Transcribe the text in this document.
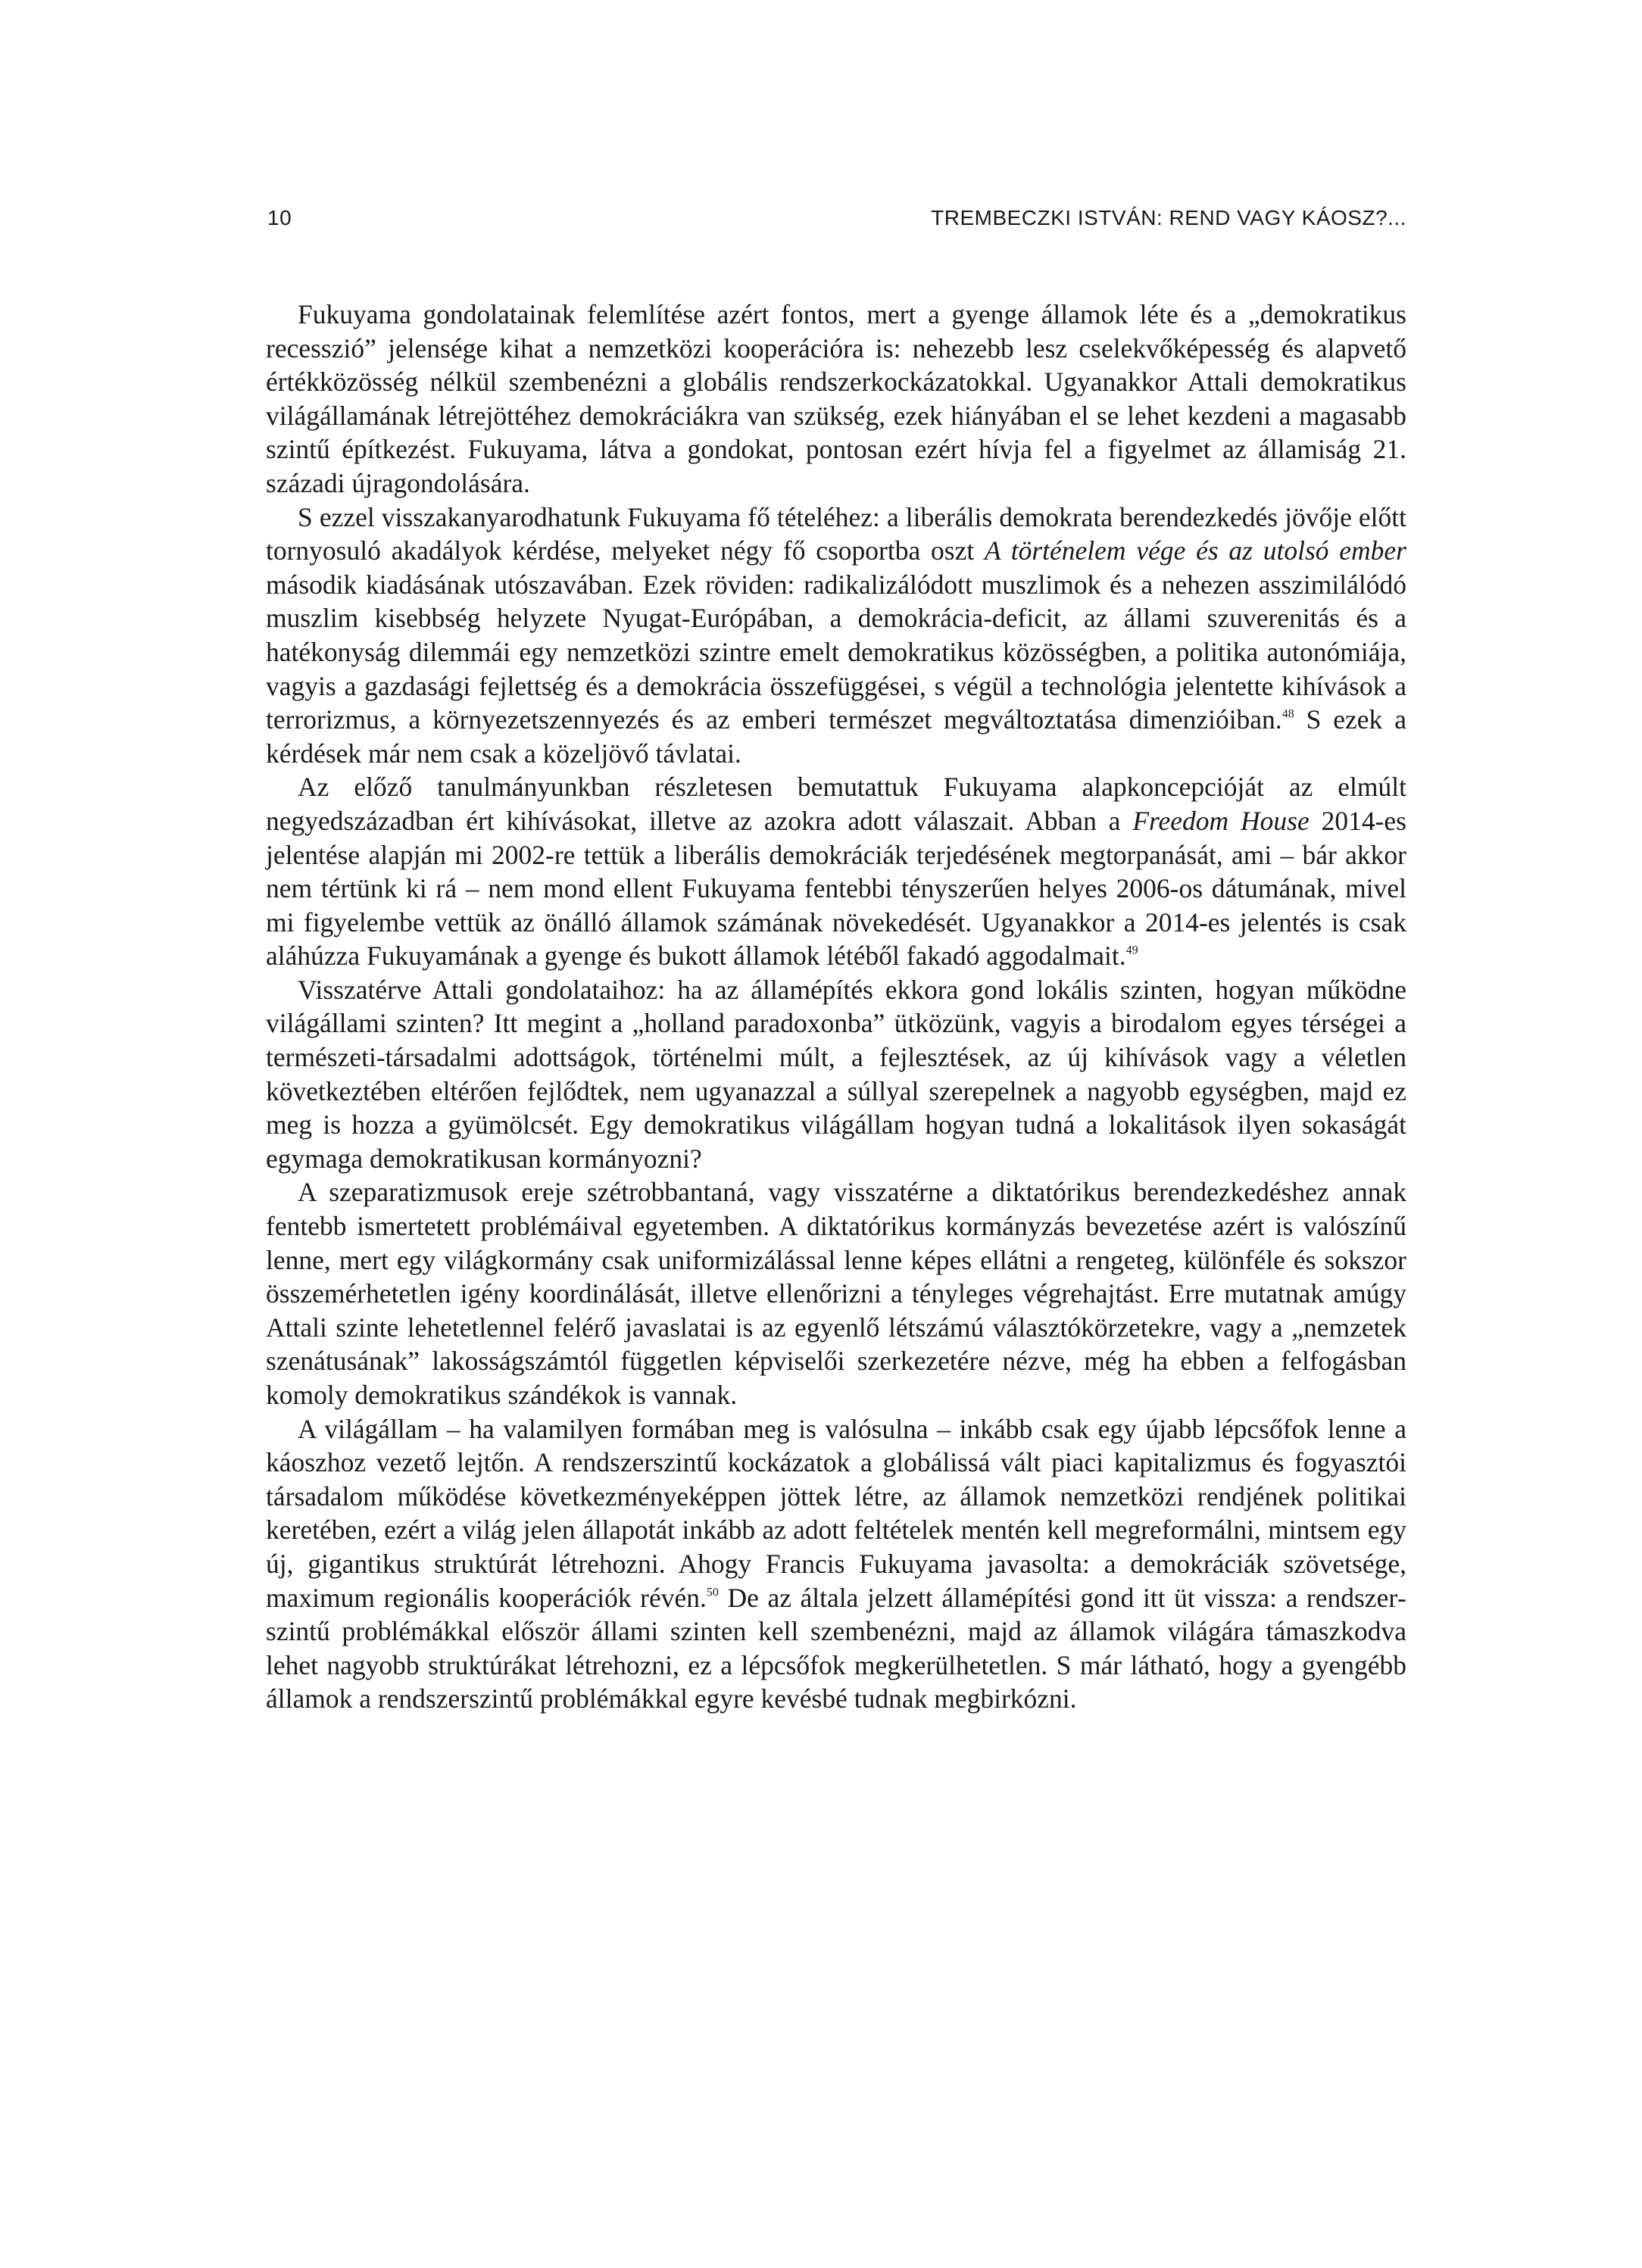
10	TREMBECZKI ISTVÁN: REND VAGY KÁOSZ?...

Fukuyama gondolatainak felemlítése azért fontos, mert a gyenge államok léte és a „demokratikus recesszió” jelensége kihat a nemzetközi kooperációra is: nehezebb lesz cselekvőképesség és alapvető értékközösség nélkül szembenézni a globális rendszerkockázatokkal. Ugyanakkor Attali demokratikus világállamának létrejöttéhez demokráciákra van szükség, ezek hiányában el se lehet kezdeni a magasabb szintű építkezést. Fukuyama, látva a gondokat, pontosan ezért hívja fel a figyelmet az államiság 21. századi újragondolására.

S ezzel visszakanyarodhatunk Fukuyama fő tételéhez: a liberális demokrata berendezkedés jövője előtt tornyosuló akadályok kérdése, melyeket négy fő csoportba oszt A történelem vége és az utolsó ember második kiadásának utószavában. Ezek röviden: radikalizálódott muszlimok és a nehezen asszimilálódó muszlim kisebbség helyzete Nyugat-Európában, a demokrácia-deficit, az állami szuverenitás és a hatékonyság dilemmái egy nemzetközi szintre emelt demokratikus közösségben, a politika autonómiája, vagyis a gazdasági fejlettség és a demokrácia összefüggései, s végül a technológia jelentette kihívások a terrorizmus, a környezetszennyezés és az emberi természet megváltoztatása dimenzióiban.$^{48}$ S ezek a kérdések már nem csak a közeljövő távlatai.

Az előző tanulmányunkban részletesen bemutattuk Fukuyama alapkoncepcióját az elmúlt negyedszázadban ért kihívásokat, illetve az azokra adott válaszait. Abban a Freedom House 2014-es jelentése alapján mi 2002-re tettük a liberális demokráciák terjedésének megtorpanását, ami – bár akkor nem tértünk ki rá – nem mond ellent Fukuyama fentebbi tényszerűen helyes 2006-os dátumának, mivel mi figyelembe vettük az önálló államok számának növekedését. Ugyanakkor a 2014-es jelentés is csak aláhúzza Fukuyamának a gyenge és bukott államok létéből fakadó aggodalmait.$^{49}$

Visszatérve Attali gondolataihoz: ha az államépítés ekkora gond lokális szinten, hogyan működne világállami szinten? Itt megint a „holland paradoxonba” ütközünk, vagyis a birodalom egyes térségei a természeti-társadalmi adottságok, történelmi múlt, a fejlesztések, az új kihívások vagy a véletlen következtében eltérően fejlődtek, nem ugyanazzal a súllyal szerepelnek a nagyobb egységben, majd ez meg is hozza a gyümölcsét. Egy demokratikus világállam hogyan tudná a lokalitások ilyen sokaságát egymaga demokratikusan kormányozni?

A szeparatizmusok ereje szétrobbantaná, vagy visszatérne a diktatórikus berendezkedéshez annak fentebb ismertetett problémáival egyetemben. A diktatórikus kormányzás bevezetése azért is valószínű lenne, mert egy világkormány csak uniformizálással lenne képes ellátni a rengeteg, különféle és sokszor összemérhetetlen igény koordinálását, illetve ellenőrizni a tényleges végrehajtást. Erre mutatnak amúgy Attali szinte lehetetlennel felérő javaslatai is az egyenlő létszámú választókörzetekre, vagy a „nemzetek szenátusának” lakosságszámtól független képviselői szerkezetére nézve, még ha ebben a felfogásban komoly demokratikus szándékok is vannak.

A világállam – ha valamilyen formában meg is valósulna – inkább csak egy újabb lépcsőfok lenne a káoszhoz vezető lejtőn. A rendszerszintű kockázatok a globálissá vált piaci kapitalizmus és fogyasztói társadalom működése következményeképpen jöttek létre, az államok nemzetközi rendjének politikai keretében, ezért a világ jelen állapotát inkább az adott feltételek mentén kell megreformálni, mintsem egy új, gigantikus struktúrát létrehozni. Ahogy Francis Fukuyama javasolta: a demokráciák szövetsége, maximum regionális kooperációk révén.$^{50}$ De az általa jelzett államépítési gond itt üt vissza: a rendszerszintű problémákkal először állami szinten kell szembenézni, majd az államok világára támaszkodva lehet nagyobb struktúrákat létrehozni, ez a lépcsőfok megkerülhetetlen. S már látható, hogy a gyengébb államok a rendszerszintű problémákkal egyre kevésbé tudnak megbirkózni.
